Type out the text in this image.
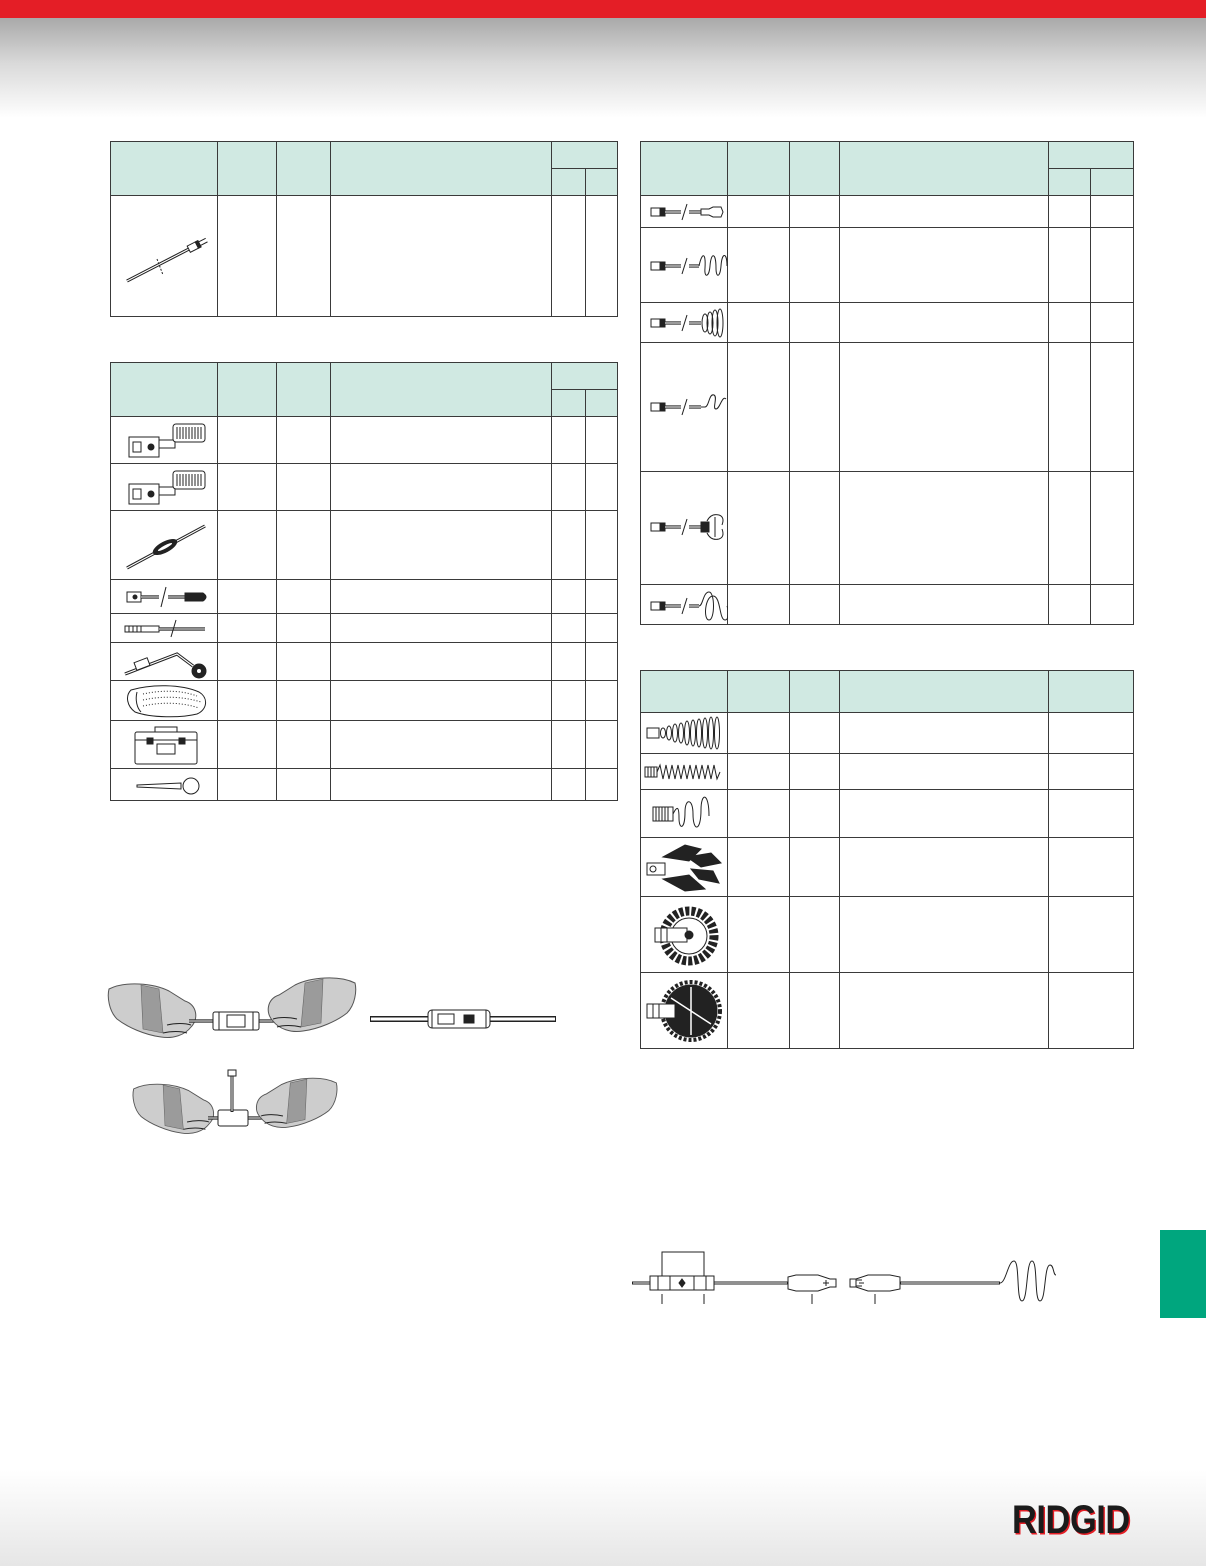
RIDGID
